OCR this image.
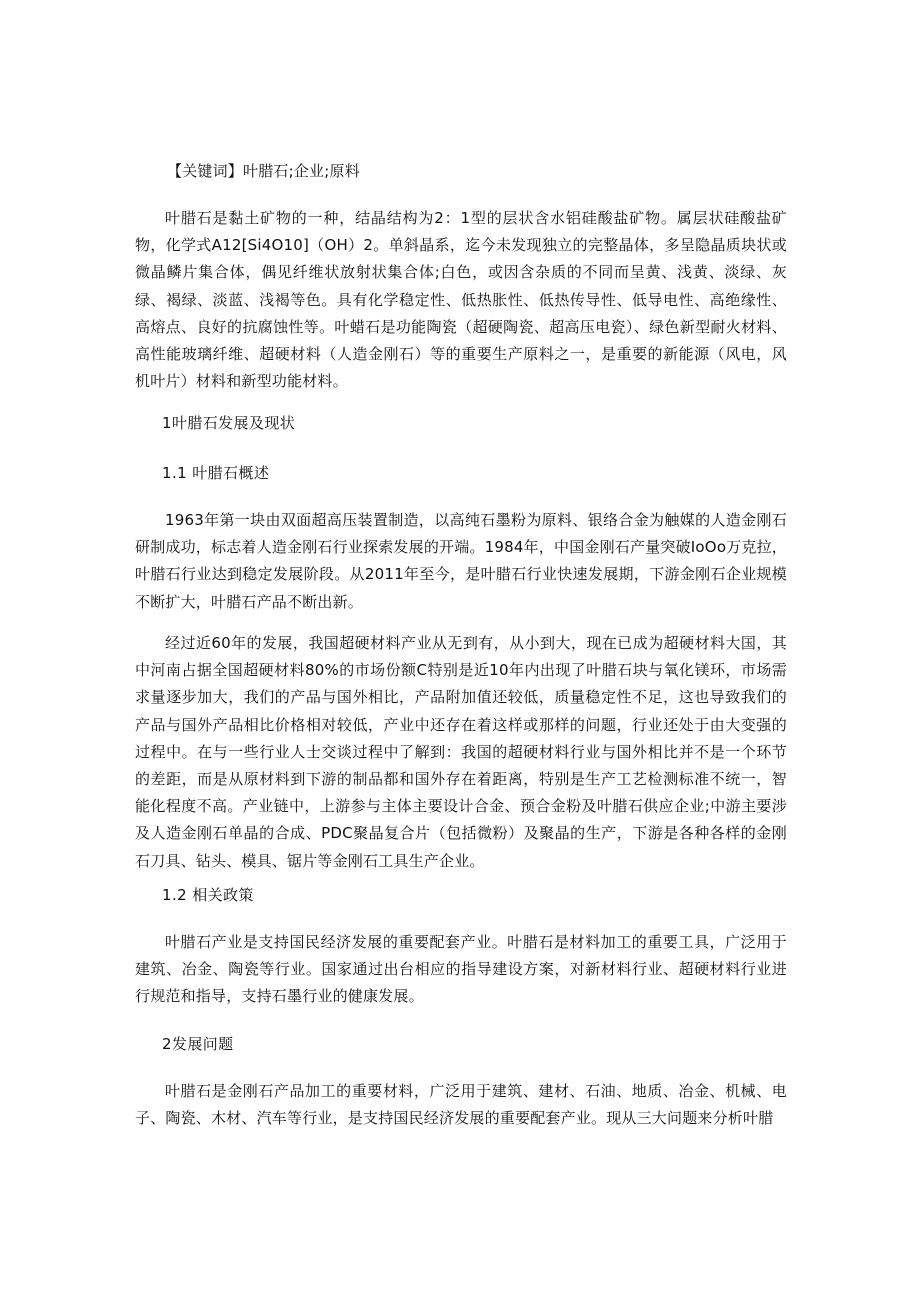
【关键词】叶腊石;企业;原料

叶腊石是黏土矿物的一种，结晶结构为2：1型的层状含水铝硅酸盐矿物。属层状硅酸盐矿物，化学式A12[Si4O10]（OH）2。单斜晶系，迄今未发现独立的完整晶体，多呈隐晶质块状或微晶鳞片集合体，偶见纤维状放射状集合体;白色，或因含杂质的不同而呈黄、浅黄、淡绿、灰绿、褐绿、淡蓝、浅褐等色。具有化学稳定性、低热胀性、低热传导性、低导电性、高绝缘性、高熔点、良好的抗腐蚀性等。叶蜡石是功能陶瓷（超硬陶瓷、超高压电瓷）、绿色新型耐火材料、高性能玻璃纤维、超硬材料（人造金刚石）等的重要生产原料之一，是重要的新能源（风电，风机叶片）材料和新型功能材料。

1叶腊石发展及现状

1.1 叶腊石概述

1963年第一块由双面超高压装置制造，以高纯石墨粉为原料、银络合金为触媒的人造金刚石研制成功，标志着人造金刚石行业探索发展的开端。1984年，中国金刚石产量突破IoOo万克拉，叶腊石行业达到稳定发展阶段。从2011年至今，是叶腊石行业快速发展期，下游金刚石企业规模不断扩大，叶腊石产品不断出新。

经过近60年的发展，我国超硬材料产业从无到有，从小到大，现在已成为超硬材料大国，其中河南占据全国超硬材料80%的市场份额C特别是近10年内出现了叶腊石块与氧化镁环，市场需求量逐步加大，我们的产品与国外相比，产品附加值还较低，质量稳定性不足，这也导致我们的产品与国外产品相比价格相对较低，产业中还存在着这样或那样的问题，行业还处于由大变强的过程中。在与一些行业人士交谈过程中了解到：我国的超硬材料行业与国外相比并不是一个环节的差距，而是从原材料到下游的制品都和国外存在着距离，特别是生产工艺检测标准不统一，智能化程度不高。产业链中，上游参与主体主要设计合金、预合金粉及叶腊石供应企业;中游主要涉及人造金刚石单晶的合成、PDC聚晶复合片（包括微粉）及聚晶的生产，下游是各种各样的金刚石刀具、钻头、模具、锯片等金刚石工具生产企业。

1.2 相关政策

叶腊石产业是支持国民经济发展的重要配套产业。叶腊石是材料加工的重要工具，广泛用于建筑、冶金、陶瓷等行业。国家通过出台相应的指导建设方案，对新材料行业、超硬材料行业进行规范和指导，支持石墨行业的健康发展。

2发展问题

叶腊石是金刚石产品加工的重要材料，广泛用于建筑、建材、石油、地质、冶金、机械、电子、陶瓷、木材、汽车等行业，是支持国民经济发展的重要配套产业。现从三大问题来分析叶腊
